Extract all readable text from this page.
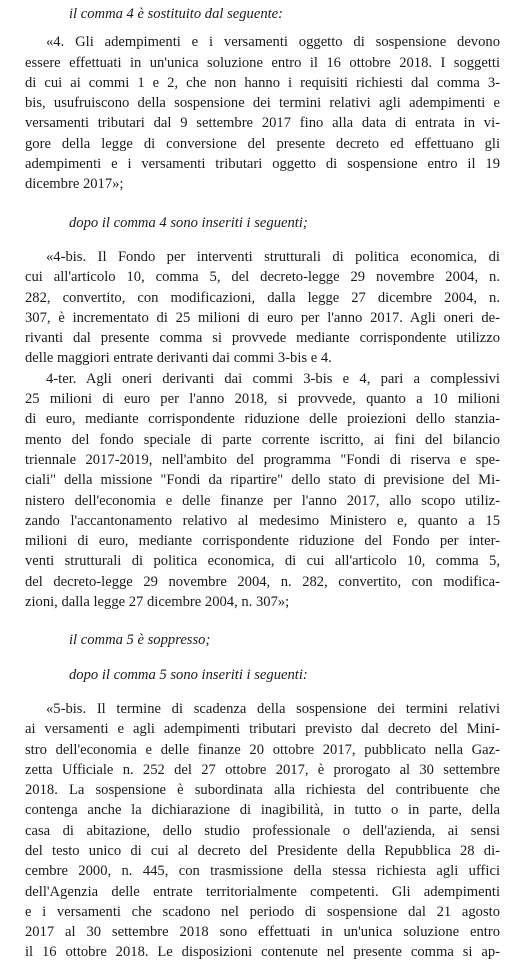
il comma 4 è sostituito dal seguente:
«4. Gli adempimenti e i versamenti oggetto di sospensione devono
essere effettuati in un'unica soluzione entro il 16 ottobre 2018. I soggetti
di cui ai commi 1 e 2, che non hanno i requisiti richiesti dal comma 3-
bis, usufruiscono della sospensione dei termini relativi agli adempimenti e
versamenti tributari dal 9 settembre 2017 fino alla data di entrata in vi-
gore della legge di conversione del presente decreto ed effettuano gli
adempimenti e i versamenti tributari oggetto di sospensione entro il 19
dicembre 2017»;
dopo il comma 4 sono inseriti i seguenti;
«4-bis. Il Fondo per interventi strutturali di politica economica, di
cui all'articolo 10, comma 5, del decreto-legge 29 novembre 2004, n.
282, convertito, con modificazioni, dalla legge 27 dicembre 2004, n.
307, è incrementato di 25 milioni di euro per l'anno 2017. Agli oneri de-
rivanti dal presente comma si provvede mediante corrispondente utilizzo
delle maggiori entrate derivanti dai commi 3-bis e 4.
4-ter. Agli oneri derivanti dai commi 3-bis e 4, pari a complessivi
25 milioni di euro per l'anno 2018, si provvede, quanto a 10 milioni
di euro, mediante corrispondente riduzione delle proiezioni dello stanzia-
mento del fondo speciale di parte corrente iscritto, ai fini del bilancio
triennale 2017-2019, nell'ambito del programma "Fondi di riserva e spe-
ciali" della missione "Fondi da ripartire" dello stato di previsione del Mi-
nistero dell'economia e delle finanze per l'anno 2017, allo scopo utiliz-
zando l'accantonamento relativo al medesimo Ministero e, quanto a 15
milioni di euro, mediante corrispondente riduzione del Fondo per inter-
venti strutturali di politica economica, di cui all'articolo 10, comma 5,
del decreto-legge 29 novembre 2004, n. 282, convertito, con modifica-
zioni, dalla legge 27 dicembre 2004, n. 307»;
il comma 5 è soppresso;
dopo il comma 5 sono inseriti i seguenti:
«5-bis. Il termine di scadenza della sospensione dei termini relativi
ai versamenti e agli adempimenti tributari previsto dal decreto del Mini-
stro dell'economia e delle finanze 20 ottobre 2017, pubblicato nella Gaz-
zetta Ufficiale n. 252 del 27 ottobre 2017, è prorogato al 30 settembre
2018. La sospensione è subordinata alla richiesta del contribuente che
contenga anche la dichiarazione di inagibilità, in tutto o in parte, della
casa di abitazione, dello studio professionale o dell'azienda, ai sensi
del testo unico di cui al decreto del Presidente della Repubblica 28 di-
cembre 2000, n. 445, con trasmissione della stessa richiesta agli uffici
dell'Agenzia delle entrate territorialmente competenti. Gli adempimenti
e i versamenti che scadono nel periodo di sospensione dal 21 agosto
2017 al 30 settembre 2018 sono effettuati in un'unica soluzione entro
il 16 ottobre 2018. Le disposizioni contenute nel presente comma si ap-
